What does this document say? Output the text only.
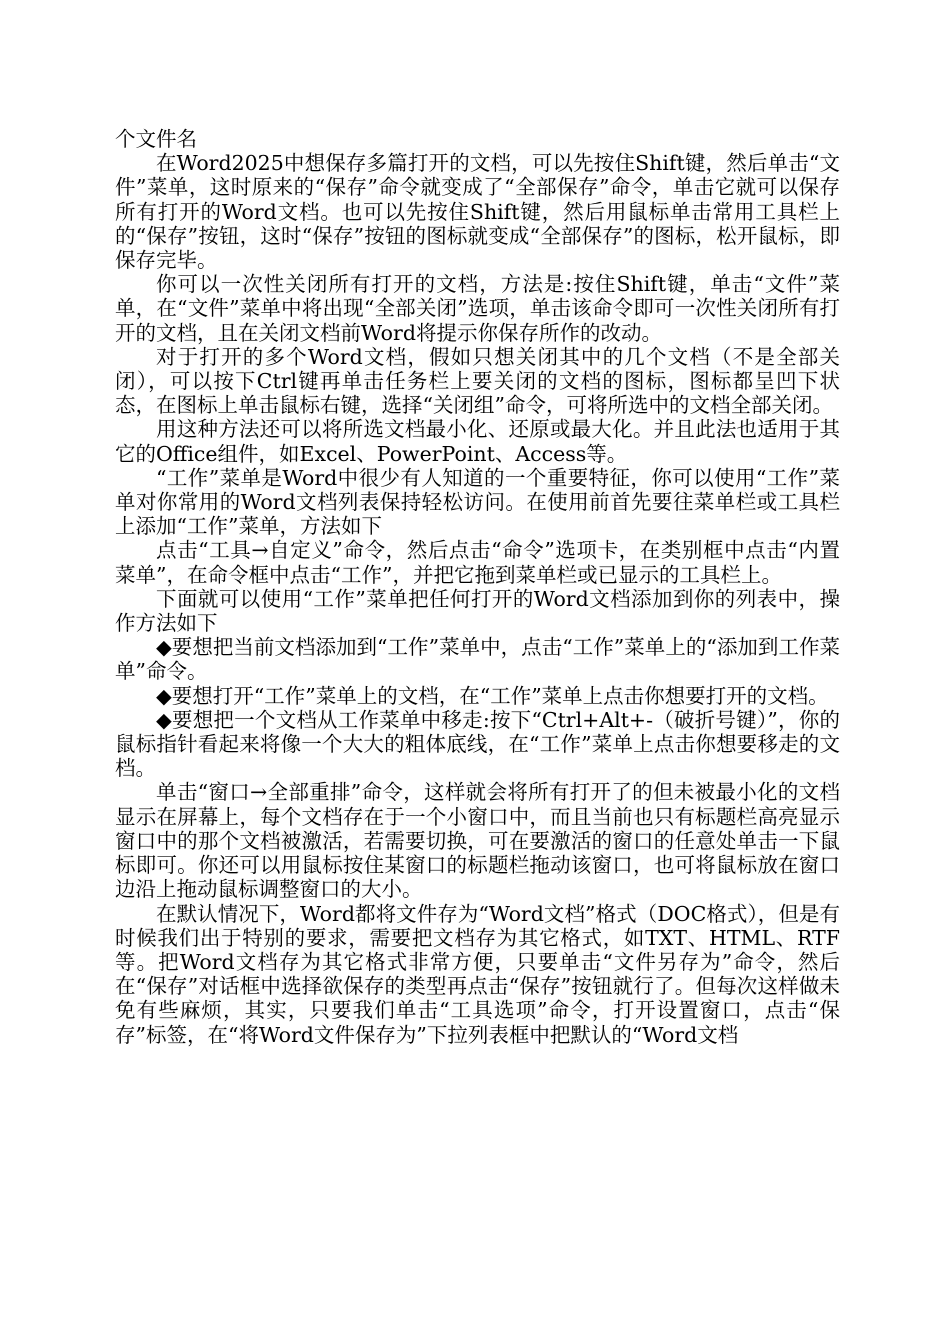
个文件名

在Word2025中想保存多篇打开的文档，可以先按住Shift键，然后单击“文件”菜单，这时原来的“保存”命令就变成了“全部保存”命令，单击它就可以保存所有打开的Word文档。也可以先按住Shift键，然后用鼠标单击常用工具栏上的“保存”按钮，这时“保存”按钮的图标就变成“全部保存”的图标，松开鼠标，即保存完毕。

你可以一次性关闭所有打开的文档，方法是:按住Shift键，单击“文件”菜单，在“文件”菜单中将出现“全部关闭”选项，单击该命令即可一次性关闭所有打开的文档，且在关闭文档前Word将提示你保存所作的改动。

对于打开的多个Word文档，假如只想关闭其中的几个文档（不是全部关闭），可以按下Ctrl键再单击任务栏上要关闭的文档的图标，图标都呈凹下状态，在图标上单击鼠标右键，选择“关闭组”命令，可将所选中的文档全部关闭。

用这种方法还可以将所选文档最小化、还原或最大化。并且此法也适用于其它的Office组件，如Excel、PowerPoint、Access等。

“工作”菜单是Word中很少有人知道的一个重要特征，你可以使用“工作”菜单对你常用的Word文档列表保持轻松访问。在使用前首先要往菜单栏或工具栏上添加“工作”菜单，方法如下

点击“工具→自定义”命令，然后点击“命令”选项卡，在类别框中点击“内置菜单”，在命令框中点击“工作”，并把它拖到菜单栏或已显示的工具栏上。

下面就可以使用“工作”菜单把任何打开的Word文档添加到你的列表中，操作方法如下

◆要想把当前文档添加到“工作”菜单中，点击“工作”菜单上的“添加到工作菜单”命令。

◆要想打开“工作”菜单上的文档，在“工作”菜单上点击你想要打开的文档。

◆要想把一个文档从工作菜单中移走:按下“Ctrl+Alt+-（破折号键）”，你的鼠标指针看起来将像一个大大的粗体底线，在“工作”菜单上点击你想要移走的文档。

单击“窗口→全部重排”命令，这样就会将所有打开了的但未被最小化的文档显示在屏幕上，每个文档存在于一个小窗口中，而且当前也只有标题栏高亮显示窗口中的那个文档被激活，若需要切换，可在要激活的窗口的任意处单击一下鼠标即可。你还可以用鼠标按住某窗口的标题栏拖动该窗口，也可将鼠标放在窗口边沿上拖动鼠标调整窗口的大小。

在默认情况下，Word都将文件存为“Word文档”格式（DOC格式），但是有时候我们出于特别的要求，需要把文档存为其它格式，如TXT、HTML、RTF等。把Word文档存为其它格式非常方便，只要单击“文件另存为”命令，然后在“保存”对话框中选择欲保存的类型再点击“保存”按钮就行了。但每次这样做未免有些麻烦，其实，只要我们单击“工具选项”命令，打开设置窗口，点击“保存”标签，在“将Word文件保存为”下拉列表框中把默认的“Word文档
